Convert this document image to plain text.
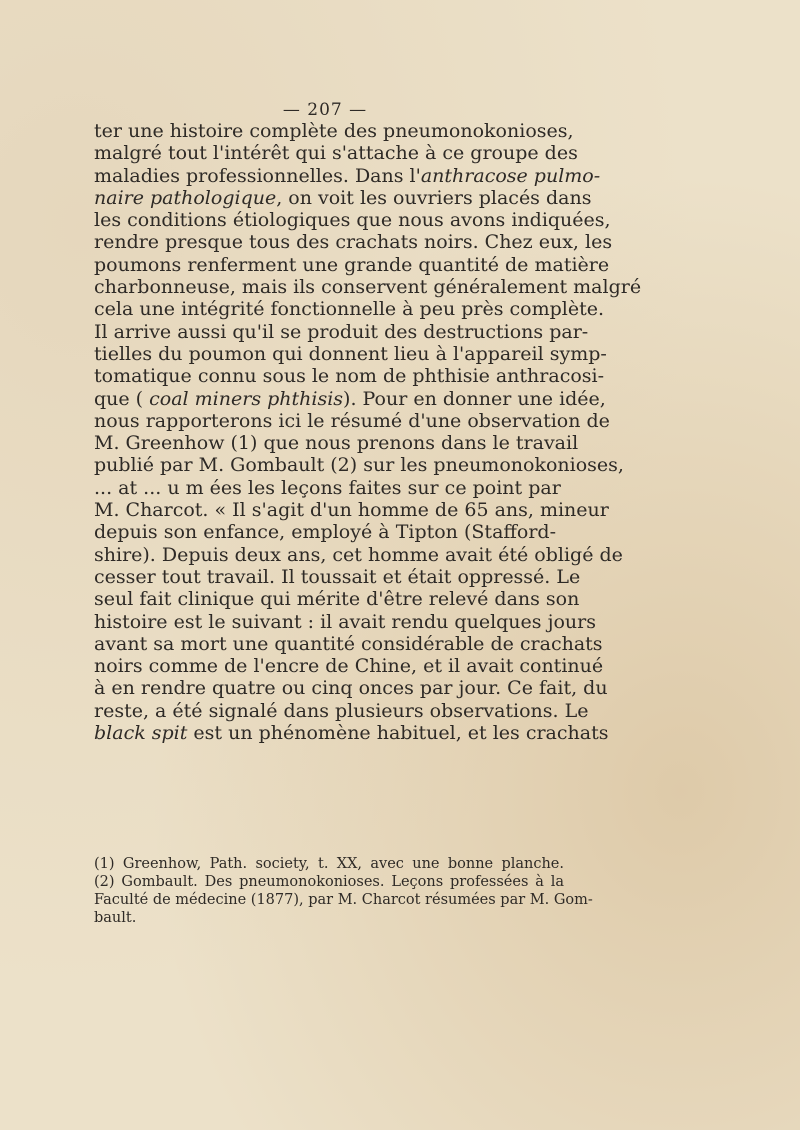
— 207 —
ter une histoire complète des pneumonokonioses,
malgré tout l'intérêt qui s'attache à ce groupe des
maladies professionnelles. Dans l'anthracose pulmo-
naire pathologique, on voit les ouvriers placés dans
les conditions étiologiques que nous avons indiquées,
rendre presque tous des crachats noirs. Chez eux, les
poumons renferment une grande quantité de matière
charbonneuse, mais ils conservent généralement malgré
cela une intégrité fonctionnelle à peu près complète.
Il arrive aussi qu'il se produit des destructions par-
tielles du poumon qui donnent lieu à l'appareil symp-
tomatique connu sous le nom de phthisie anthracosi-
que ( coal miners phthisis). Pour en donner une idée,
nous rapporterons ici le résumé d'une observation de
M. Greenhow (1) que nous prenons dans le travail
publié par M. Gombault (2) sur les pneumonokonioses,
... at ... u m ées les leçons faites sur ce point par
M. Charcot. « Il s'agit d'un homme de 65 ans, mineur
depuis son enfance, employé à Tipton (Stafford-
shire). Depuis deux ans, cet homme avait été obligé de
cesser tout travail. Il toussait et était oppressé. Le
seul fait clinique qui mérite d'être relevé dans son
histoire est le suivant : il avait rendu quelques jours
avant sa mort une quantité considérable de crachats
noirs comme de l'encre de Chine, et il avait continué
à en rendre quatre ou cinq onces par jour. Ce fait, du
reste, a été signalé dans plusieurs observations. Le
black spit est un phénomène habituel, et les crachats
(1) Greenhow, Path. society, t. XX, avec une bonne planche.
(2) Gombault. Des pneumonokonioses. Leçons professées à la
Faculté de médecine (1877), par M. Charcot résumées par M. Gom-
bault.
